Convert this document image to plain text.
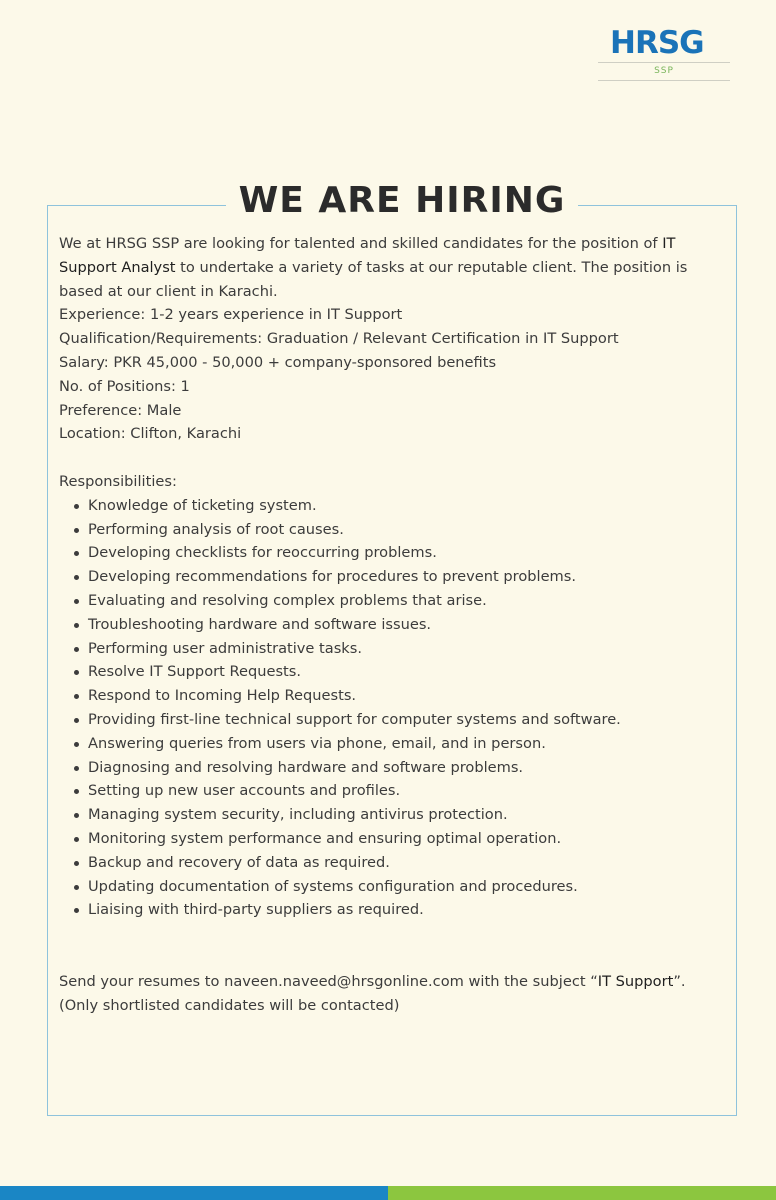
HRSG
SSP
WE ARE HIRING

We at HRSG SSP are looking for talented and skilled candidates for the position of IT Support Analyst to undertake a variety of tasks at our reputable client. The position is based at our client in Karachi.

Experience: 1-2 years experience in IT Support

Qualification/Requirements: Graduation / Relevant Certification in IT Support

Salary: PKR 45,000 - 50,000 + company-sponsored benefits

No. of Positions: 1

Preference: Male

Location: Clifton, Karachi

Responsibilities:

Knowledge of ticketing system.
Performing analysis of root causes.
Developing checklists for reoccurring problems.
Developing recommendations for procedures to prevent problems.
Evaluating and resolving complex problems that arise.
Troubleshooting hardware and software issues.
Performing user administrative tasks.
Resolve IT Support Requests.
Respond to Incoming Help Requests.
Providing first-line technical support for computer systems and software.
Answering queries from users via phone, email, and in person.
Diagnosing and resolving hardware and software problems.
Setting up new user accounts and profiles.
Managing system security, including antivirus protection.
Monitoring system performance and ensuring optimal operation.
Backup and recovery of data as required.
Updating documentation of systems configuration and procedures.
Liaising with third-party suppliers as required.

Send your resumes to naveen.naveed@hrsgonline.com with the subject “IT Support”.

(Only shortlisted candidates will be contacted)
